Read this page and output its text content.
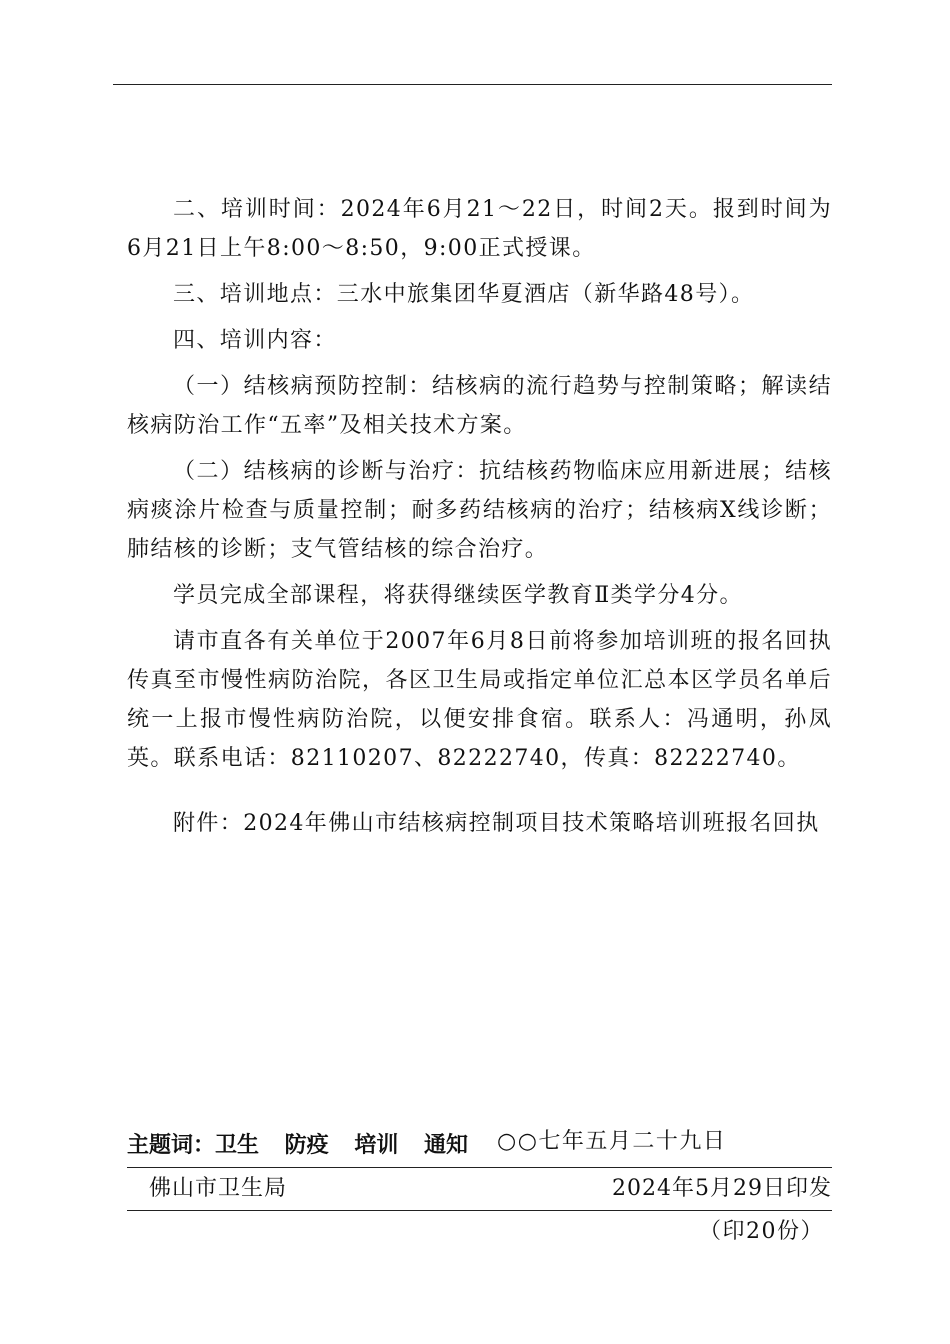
二、培训时间：2024年6月21～22日，时间2天。报到时间为6月21日上午8:00～8:50，9:00正式授课。

三、培训地点：三水中旅集团华夏酒店（新华路48号）。

四、培训内容：

（一）结核病预防控制：结核病的流行趋势与控制策略；解读结核病防治工作“五率”及相关技术方案。

（二）结核病的诊断与治疗：抗结核药物临床应用新进展；结核病痰涂片检查与质量控制；耐多药结核病的治疗；结核病X线诊断；肺结核的诊断；支气管结核的综合治疗。

学员完成全部课程，将获得继续医学教育Ⅱ类学分4分。

请市直各有关单位于2007年6月8日前将参加培训班的报名回执传真至市慢性病防治院，各区卫生局或指定单位汇总本区学员名单后统一上报市慢性病防治院，以便安排食宿。联系人：冯通明，孙凤英。联系电话：82110207、82222740，传真：82222740。

附件：2024年佛山市结核病控制项目技术策略培训班报名回执

主题词：卫生 防疫 培训 通知 ○○七年五月二十九日
佛山市卫生局	2024年5月29日印发
（印20份）
